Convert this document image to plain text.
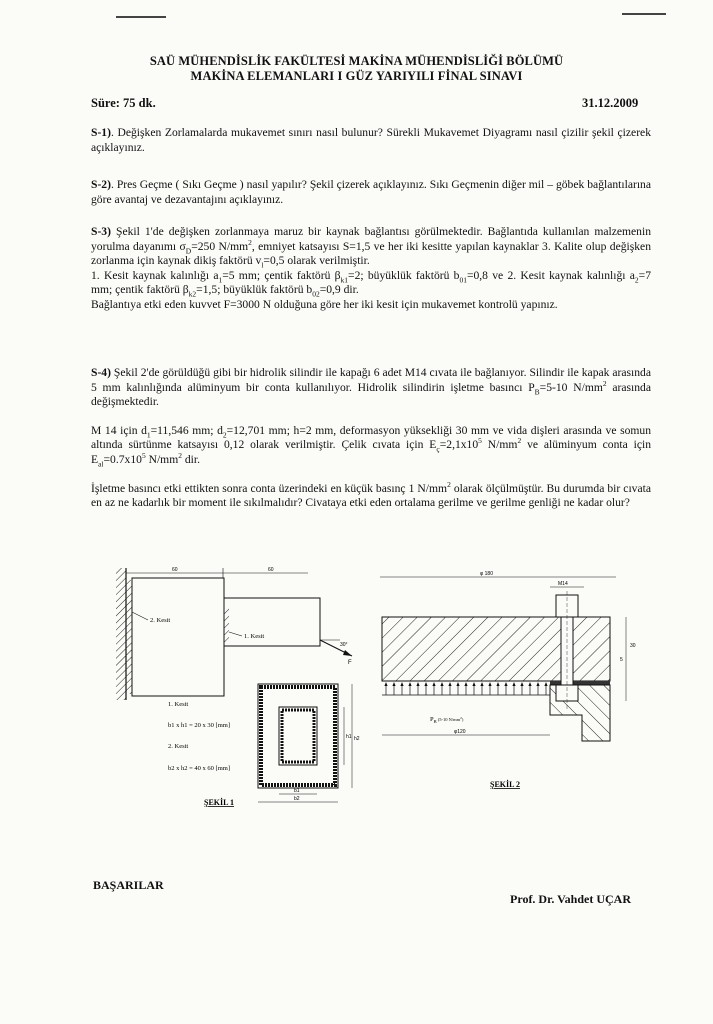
SAÜ MÜHENDİSLİK FAKÜLTESİ MAKİNA MÜHENDİSLİĞİ BÖLÜMÜ
MAKİNA ELEMANLARI I GÜZ YARIYILI FİNAL SINAVI
Süre: 75 dk.	31.12.2009
S-1). Değişken Zorlamalarda mukavemet sınırı nasıl bulunur? Sürekli Mukavemet Diyagramı nasıl çizilir şekil çizerek açıklayınız.
S-2). Pres Geçme ( Sıkı Geçme ) nasıl yapılır? Şekil çizerek açıklayınız. Sıkı Geçmenin diğer mil – göbek bağlantılarına göre avantaj ve dezavantajını açıklayınız.
S-3) Şekil 1'de değişken zorlanmaya maruz bir kaynak bağlantısı görülmektedir. Bağlantıda kullanılan malzemenin yorulma dayanımı $\sigma_D=250$ $N/mm^2$, emniyet katsayısı S=1,5 ve her iki kesitte yapılan kaynaklar 3. Kalite olup değişken zorlanma için kaynak dikiş faktörü $v_l=0,5$ olarak verilmiştir.
1. Kesit kaynak kalınlığı $a_1=5$ mm; çentik faktörü $\beta_{k1}=2$; büyüklük faktörü $b_{01}=0,8$ ve 2. Kesit kaynak kalınlığı $a_2=7$ mm; çentik faktörü $\beta_{k2}=1,5$; büyüklük faktörü $b_{02}=0,9$ dir.
Bağlantıya etki eden kuvvet F=3000 N olduğuna göre her iki kesit için mukavemet kontrolü yapınız.
S-4) Şekil 2'de görüldüğü gibi bir hidrolik silindir ile kapağı 6 adet M14 cıvata ile bağlanıyor. Silindir ile kapak arasında 5 mm kalınlığında alüminyum bir conta kullanılıyor. Hidrolik silindirin işletme basıncı $P_B=5-10$ $N/mm^2$ arasında değişmektedir.
M 14 için $d_1=11,546$ mm; $d_2=12,701$ mm; h=2 mm, deformasyon yüksekliği 30 mm ve vida dişleri arasında ve somun altında sürtünme katsayısı 0,12 olarak verilmiştir. Çelik cıvata için $E_ç=2,1x10^5$ $N/mm^2$ ve alüminyum conta için $E_{al}=0.7x10^5$ $N/mm^2$ dir.
İşletme basıncı etki ettikten sonra conta üzerindeki en küçük basınç 1 $N/mm^2$ olarak ölçülmüştür. Bu durumda bir cıvata en az ne kadarlık bir moment ile sıkılmalıdır? Civataya etki eden ortalama gerilme ve gerilme genliği ne kadar olur?
60	60
2. Kesit
1. Kesit
30°
F
1. Kesit
b1 x h1 = 20 x 30 [mm]
2. Kesit
b2 x h2 = 40 x 60 [mm]
h1 h2
b1
b2
ŞEKİL 1
φ 180
M14
5
30
$P_B$ $^{(5-10 N/mm2}_)$
φ120
ŞEKİL 2
BAŞARILAR
Prof. Dr. Vahdet UÇAR
